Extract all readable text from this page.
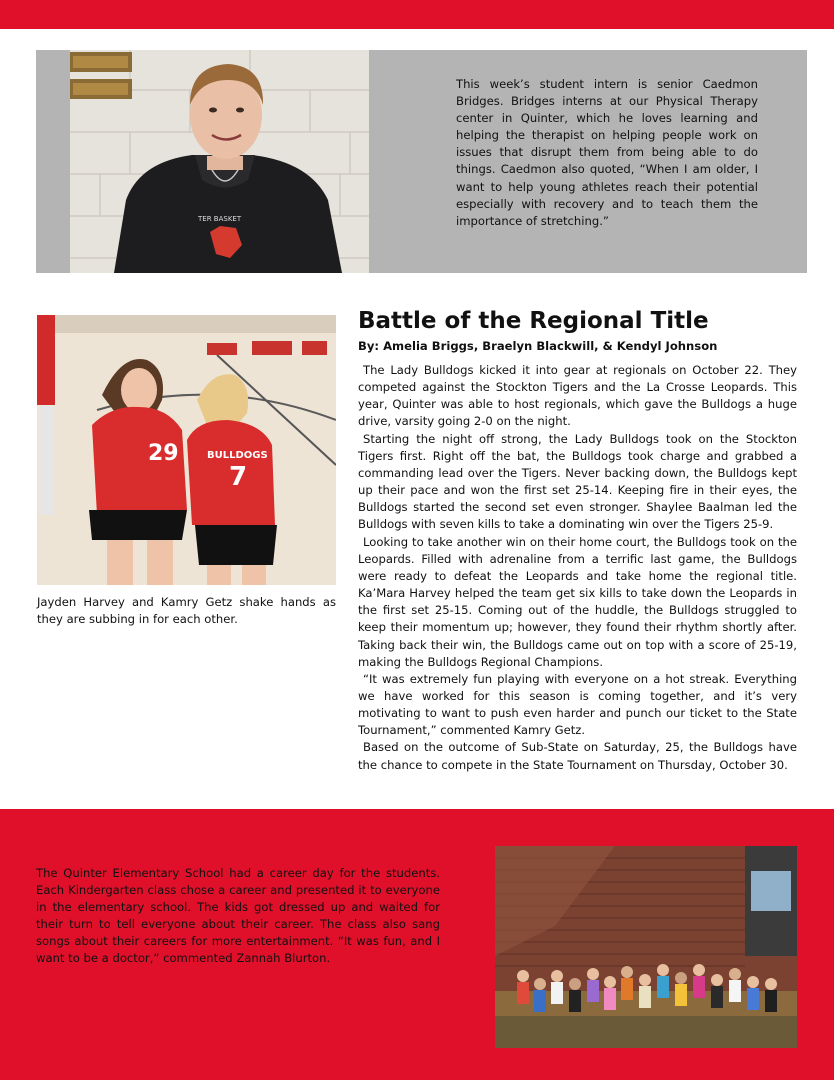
TER BASKET

This week’s student intern is senior Caedmon Bridges. Bridges interns at our Physical Therapy center in Quinter, which he loves learning and helping the therapist on helping people work on issues that disrupt them from being able to do things. Caedmon also quoted, “When I am older, I want to help young athletes reach their potential especially with recovery and to teach them the importance of stretching.”

29	BULLDOGS
7

Jayden Harvey and Kamry Getz shake hands as they are subbing in for each other.

Battle of the Regional Title

By: Amelia Briggs, Braelyn Blackwill, & Kendyl Johnson

The Lady Bulldogs kicked it into gear at regionals on October 22. They competed against the Stockton Tigers and the La Crosse Leopards. This year, Quinter was able to host regionals, which gave the Bulldogs a huge drive, varsity going 2-0 on the night.

Starting the night off strong, the Lady Bulldogs took on the Stockton Tigers first. Right off the bat, the Bulldogs took charge and grabbed a commanding lead over the Tigers. Never backing down, the Bulldogs kept up their pace and won the first set 25-14. Keeping fire in their eyes, the Bulldogs started the second set even stronger. Shaylee Baalman led the Bulldogs with seven kills to take a dominating win over the Tigers 25-9.

Looking to take another win on their home court, the Bulldogs took on the Leopards. Filled with adrenaline from a terrific last game, the Bulldogs were ready to defeat the Leopards and take home the regional title. Ka’Mara Harvey helped the team get six kills to take down the Leopards in the first set 25-15. Coming out of the huddle, the Bulldogs struggled to keep their momentum up; however, they found their rhythm shortly after. Taking back their win, the Bulldogs came out on top with a score of 25-19, making the Bulldogs Regional Champions.

“It was extremely fun playing with everyone on a hot streak. Everything we have worked for this season is coming together, and it’s very motivating to want to push even harder and punch our ticket to the State Tournament,” commented Kamry Getz.

Based on the outcome of Sub-State on Saturday, 25, the Bulldogs have the chance to compete in the State Tournament on Thursday, October 30.

The Quinter Elementary School had a career day for the students. Each Kindergarten class chose a career and presented it to everyone in the elementary school. The kids got dressed up and waited for their turn to tell everyone about their career. The class also sang songs about their careers for more entertainment. “It was fun, and I want to be a doctor,” commented Zannah Blurton.
